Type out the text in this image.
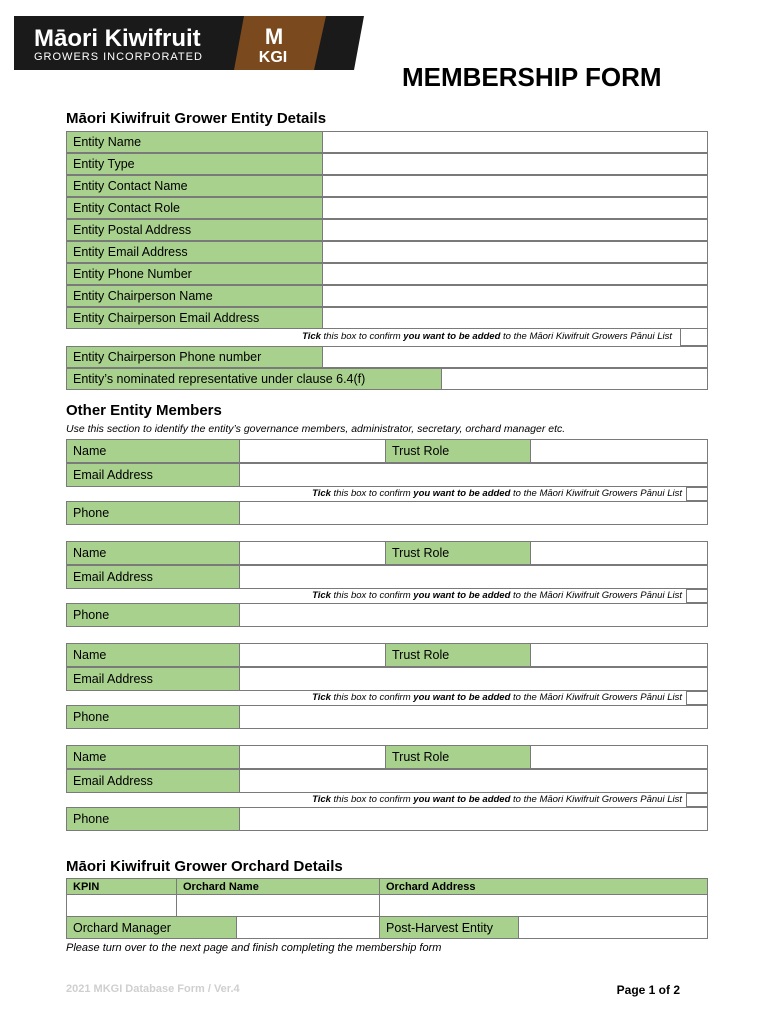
Māori Kiwifruit
GROWERS INCORPORATED
M
KGI
MEMBERSHIP FORM
Māori Kiwifruit Grower Entity Details
Entity Name
Entity Type
Entity Contact Name
Entity Contact Role
Entity Postal Address
Entity Email Address
Entity Phone Number
Entity Chairperson Name
Entity Chairperson Email Address
Tick this box to confirm you want to be added to the Māori Kiwifruit Growers Pānui List
Entity Chairperson Phone number
Entity’s nominated representative under clause 6.4(f)
Other Entity Members
Use this section to identify the entity’s governance members, administrator, secretary, orchard manager etc.
Name	Trust Role
Email Address
Phone
Tick this box to confirm you want to be added to the Māori Kiwifruit Growers Pānui List
Name	Trust Role
Email Address
Phone
Tick this box to confirm you want to be added to the Māori Kiwifruit Growers Pānui List
Name	Trust Role
Email Address
Phone
Tick this box to confirm you want to be added to the Māori Kiwifruit Growers Pānui List
Name	Trust Role
Email Address
Phone
Tick this box to confirm you want to be added to the Māori Kiwifruit Growers Pānui List
Māori Kiwifruit Grower Orchard Details
KPIN	Orchard Name	Orchard Address
Orchard Manager	Post-Harvest Entity
Please turn over to the next page and finish completing the membership form
2021 MKGI Database Form / Ver.4	Page 1 of 2
